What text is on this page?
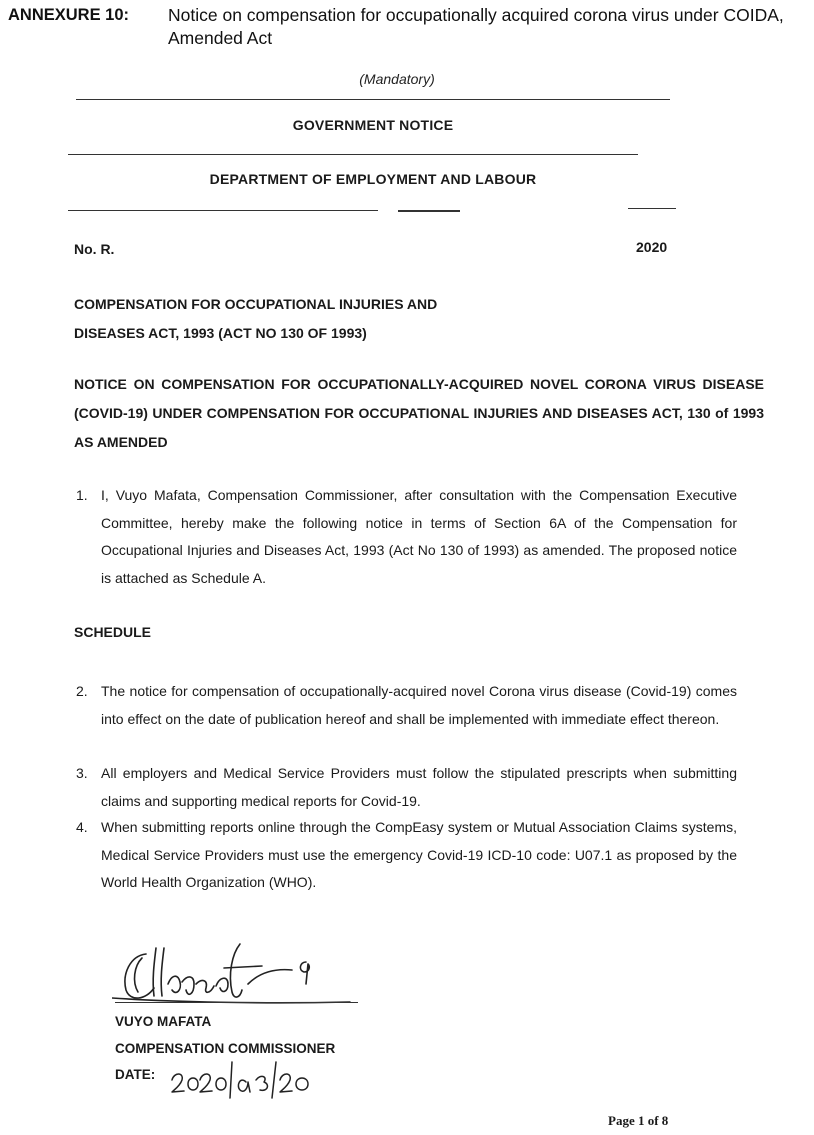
ANNEXURE 10: Notice on compensation for occupationally acquired corona virus under COIDA, Amended Act
(Mandatory)
GOVERNMENT NOTICE
DEPARTMENT OF EMPLOYMENT AND LABOUR
No. R.	2020
COMPENSATION FOR OCCUPATIONAL INJURIES AND
DISEASES ACT, 1993 (ACT NO 130 OF 1993)
NOTICE ON COMPENSATION FOR OCCUPATIONALLY-ACQUIRED NOVEL CORONA VIRUS DISEASE (COVID-19) UNDER COMPENSATION FOR OCCUPATIONAL INJURIES AND DISEASES ACT, 130 of 1993 AS AMENDED
1. I, Vuyo Mafata, Compensation Commissioner, after consultation with the Compensation Executive Committee, hereby make the following notice in terms of Section 6A of the Compensation for Occupational Injuries and Diseases Act, 1993 (Act No 130 of 1993) as amended. The proposed notice is attached as Schedule A.
SCHEDULE
2. The notice for compensation of occupationally-acquired novel Corona virus disease (Covid-19) comes into effect on the date of publication hereof and shall be implemented with immediate effect thereon.
3. All employers and Medical Service Providers must follow the stipulated prescripts when submitting claims and supporting medical reports for Covid-19.
4. When submitting reports online through the CompEasy system or Mutual Association Claims systems, Medical Service Providers must use the emergency Covid-19 ICD-10 code: U07.1 as proposed by the World Health Organization (WHO).
VUYO MAFATA
COMPENSATION COMMISSIONER
DATE:
Page 1 of 8
